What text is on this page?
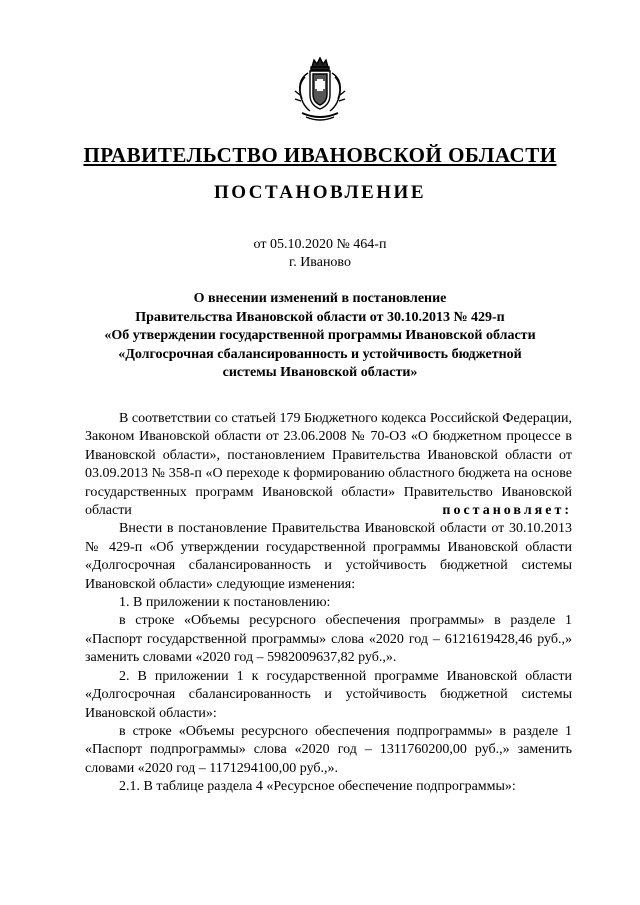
ПРАВИТЕЛЬСТВО ИВАНОВСКОЙ ОБЛАСТИ
ПОСТАНОВЛЕНИЕ
от 05.10.2020 № 464-п
г. Иваново
О внесении изменений в постановление
Правительства Ивановской области от 30.10.2013 № 429-п
«Об утверждении государственной программы Ивановской области
«Долгосрочная сбалансированность и устойчивость бюджетной
системы Ивановской области»

В соответствии со статьей 179 Бюджетного кодекса Российской Федерации, Законом Ивановской области от 23.06.2008 № 70-ОЗ «О бюджетном процессе в Ивановской области», постановлением Правительства Ивановской области от 03.09.2013 № 358-п «О переходе к формированию областного бюджета на основе государственных программ Ивановской области» Правительство Ивановской области	постановляет:

Внести в постановление Правительства Ивановской области от 30.10.2013 № 429-п «Об утверждении государственной программы Ивановской области «Долгосрочная сбалансированность и устойчивость бюджетной системы Ивановской области» следующие изменения:

1. В приложении к постановлению:

в строке «Объемы ресурсного обеспечения программы» в разделе 1 «Паспорт государственной программы» слова «2020 год – 6121619428,46 руб.,» заменить словами «2020 год – 5982009637,82 руб.,».

2. В приложении 1 к государственной программе Ивановской области «Долгосрочная сбалансированность и устойчивость бюджетной системы Ивановской области»:

в строке «Объемы ресурсного обеспечения подпрограммы» в разделе 1 «Паспорт подпрограммы» слова «2020 год – 1311760200,00 руб.,» заменить словами «2020 год – 1171294100,00 руб.,».

2.1. В таблице раздела 4 «Ресурсное обеспечение подпрограммы»:
